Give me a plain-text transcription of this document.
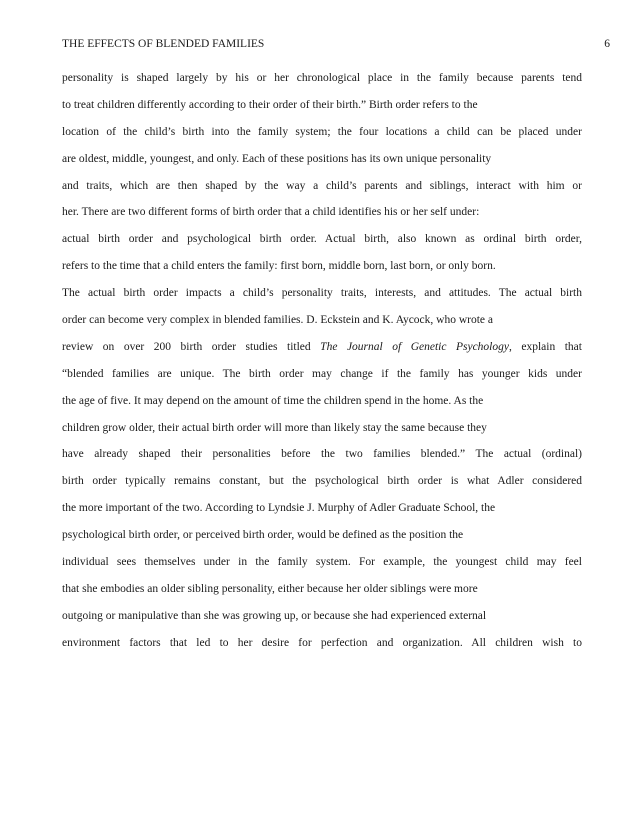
THE EFFECTS OF BLENDED FAMILIES	6
personality is shaped largely by his or her chronological place in the family because parents tend
to treat children differently according to their order of their birth.” Birth order refers to the
location of the child’s birth into the family system; the four locations a child can be placed under
are oldest, middle, youngest, and only. Each of these positions has its own unique personality
and traits, which are then shaped by the way a child’s parents and siblings, interact with him or
her. There are two different forms of birth order that a child identifies his or her self under:
actual birth order and psychological birth order. Actual birth, also known as ordinal birth order,
refers to the time that a child enters the family: first born, middle born, last born, or only born.
The actual birth order impacts a child’s personality traits, interests, and attitudes. The actual birth
order can become very complex in blended families. D. Eckstein and K. Aycock, who wrote a
review on over 200 birth order studies titled The Journal of Genetic Psychology, explain that
“blended families are unique. The birth order may change if the family has younger kids under
the age of five. It may depend on the amount of time the children spend in the home. As the
children grow older, their actual birth order will more than likely stay the same because they
have already shaped their personalities before the two families blended.” The actual (ordinal)
birth order typically remains constant, but the psychological birth order is what Adler considered
the more important of the two. According to Lyndsie J. Murphy of Adler Graduate School, the
psychological birth order, or perceived birth order, would be defined as the position the
individual sees themselves under in the family system. For example, the youngest child may feel
that she embodies an older sibling personality, either because her older siblings were more
outgoing or manipulative than she was growing up, or because she had experienced external
environment factors that led to her desire for perfection and organization. All children wish to
